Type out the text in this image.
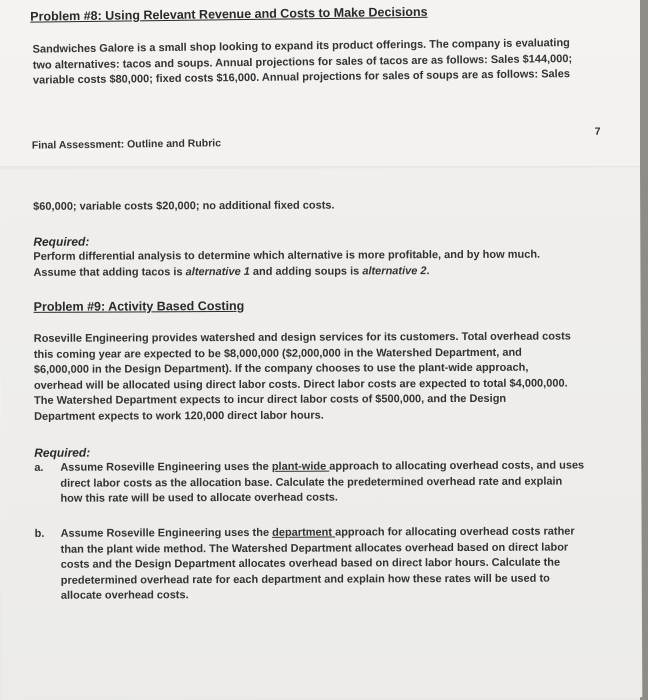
Problem #8: Using Relevant Revenue and Costs to Make Decisions
Sandwiches Galore is a small shop looking to expand its product offerings. The company is evaluating
two alternatives: tacos and soups. Annual projections for sales of tacos are as follows: Sales $144,000;
variable costs $80,000; fixed costs $16,000. Annual projections for sales of soups are as follows: Sales
Final Assessment: Outline and Rubric
7
$60,000; variable costs $20,000; no additional fixed costs.
Required:
Perform differential analysis to determine which alternative is more profitable, and by how much.
Assume that adding tacos is alternative 1 and adding soups is alternative 2.
Problem #9: Activity Based Costing
Roseville Engineering provides watershed and design services for its customers. Total overhead costs
this coming year are expected to be $8,000,000 ($2,000,000 in the Watershed Department, and
$6,000,000 in the Design Department). If the company chooses to use the plant-wide approach,
overhead will be allocated using direct labor costs. Direct labor costs are expected to total $4,000,000.
The Watershed Department expects to incur direct labor costs of $500,000, and the Design
Department expects to work 120,000 direct labor hours.
Required:
a.	Assume Roseville Engineering uses the plant-wide approach to allocating overhead costs, and uses
direct labor costs as the allocation base. Calculate the predetermined overhead rate and explain
how this rate will be used to allocate overhead costs.
b.	Assume Roseville Engineering uses the department approach for allocating overhead costs rather
than the plant wide method. The Watershed Department allocates overhead based on direct labor
costs and the Design Department allocates overhead based on direct labor hours. Calculate the
predetermined overhead rate for each department and explain how these rates will be used to
allocate overhead costs.
